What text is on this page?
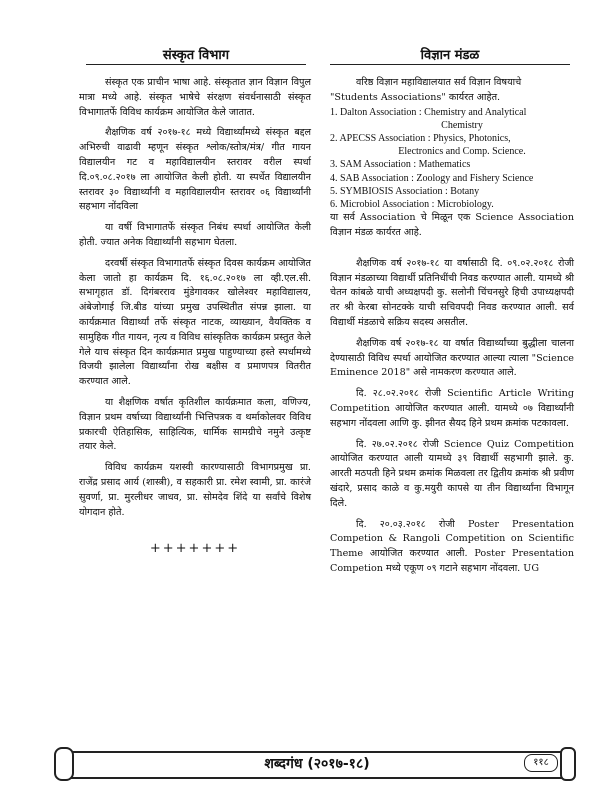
संस्कृत विभाग	विज्ञान मंडळ

संस्कृत एक प्राचीन भाषा आहे. संस्कृतात ज्ञान विज्ञान विपुल मात्रा मध्ये आहे. संस्कृत भाषेचे संरक्षण संवर्धनासाठी संस्कृत विभागातर्फे विविध कार्यक्रम आयोजित केले जातात.

शैक्षणिक वर्ष २०१७-१८ मध्ये विद्यार्थ्यांमध्ये संस्कृत बद्दल अभिरुची वाढावी म्हणून संस्कृत श्लोक/स्तोत्र/मंत्र/ गीत गायन विद्यालयीन गट व महाविद्यालयीन स्तरावर वरील स्पर्धा दि.०९.०८.२०१७ ला आयोजित केली होती. या स्पर्धेत विद्यालयीन स्तरावर ३० विद्यार्थ्यांनी व महाविद्यालयीन स्तरावर ०६ विद्यार्थ्यांनी सहभाग नोंदविला

या वर्षी विभागातर्फे संस्कृत निबंध स्पर्धा आयोजित केली होती. ज्यात अनेक विद्यार्थ्यांनी सहभाग घेतला.

दरवर्षी संस्कृत विभागातर्फे संस्कृत दिवस कार्यक्रम आयोजित केला जातो हा कार्यक्रम दि. १६.०८.२०१७ ला व्ही.एल.सी. सभागृहात डॉ. दिगंबरराव मुंडेगावकर खोलेश्वर महाविद्यालय, अंबेजोगाई जि.बीड यांच्या प्रमुख उपस्थितीत संपन्न झाला. या कार्यक्रमात विद्यार्थ्यां तर्फे संस्कृत नाटक, व्याख्यान, वैयक्तिक व सामुहिक गीत गायन, नृत्य व विविध सांस्कृतिक कार्यक्रम प्रस्तुत केले गेले याच संस्कृत दिन कार्यक्रमात प्रमुख पाहुण्याच्या हस्ते स्पर्धामध्ये विजयी झालेला विद्यार्थ्यांना रोख बक्षीस व प्रमाणपत्र वितरीत करण्यात आले.

या शैक्षणिक वर्षात कृतिशील कार्यक्रमात कला, वणिज्य, विज्ञान प्रथम वर्षाच्या विद्यार्थ्यांनी भित्तिपत्रक व थर्माकोलवर विविध प्रकारची ऐतिहासिक, साहित्यिक, धार्मिक सामग्रीचे नमुने उत्कृष्ट तयार केले.

विविध कार्यक्रम यशस्वी कारण्यासाठी विभागप्रमुख प्रा. राजेंद्र प्रसाद आर्य (शास्त्री), व सहकारी प्रा. रमेश स्वामी, प्रा. कारंजे सुवर्णा, प्रा. मुरलीधर जाधव, प्रा. सोमदेव शिंदे या सर्वांचे विशेष योगदान होते.

+++++++

वरिष्ठ विज्ञान महाविद्यालयात सर्व विज्ञान विषयाचे

"Students Associations" कार्यरत आहेत.

1. Dalton Association : Chemistry and Analytical
Chemistry
2. APECSS Association : Physics, Photonics,
Electronics and Comp. Science.
3. SAM Association : Mathematics
4. SAB Association : Zoology and Fishery Science
5. SYMBIOSIS Association : Botany
6. Microbiol Association : Microbiology.

या सर्व Association चे मिळून एक Science Association विज्ञान मंडळ कार्यरत आहे.

शैक्षणिक वर्ष २०१७-१८ या वर्षासाठी दि. ०९.०२.२०१८ रोजी विज्ञान मंडळाच्या विद्यार्थी प्रतिनिधींची निवड करण्यात आली. यामध्ये श्री चेतन कांबळे याची अध्यक्षपदी कु. सलोनी चिंचनसुरे हिची उपाध्यक्षपदी तर श्री केरबा सोनटक्के याची सचिवपदी निवड करण्यात आली. सर्व विद्यार्थी मंडळाचे सक्रिय सदस्य असतील.

शैक्षणिक वर्ष २०१७-१८ या वर्षात विद्यार्थ्यांच्या बुद्धीला चालना देण्यासाठी विविध स्पर्धा आयोजित करण्यात आल्या त्याला "Science Eminence 2018" असे नामकरण करण्यात आले.

दि. २८.०२.२०१८ रोजी Scientific Article Writing Competition आयोजित करण्यात आली. यामध्ये ०७ विद्यार्थ्यांनी सहभाग नोंदवला आणि कु. झीनत सैयद हिने प्रथम क्रमांक पटकावला.

दि. २७.०२.२०१८ रोजी Science Quiz Competition आयोजित करण्यात आली यामध्ये ३९ विद्यार्थी सहभागी झाले. कु. आरती मठपती हिने प्रथम क्रमांक मिळवला तर द्वितीय क्रमांक श्री प्रवीण खंदारे, प्रसाद काळे व कु.मयुरी कापसे या तीन विद्यार्थ्यांना विभागून दिले.

दि. २०.०३.२०१८ रोजी Poster Presentation Competion & Rangoli Competition on Scientific Theme आयोजित करण्यात आली. Poster Presentation Competion मध्ये एकूण ०९ गटाने सहभाग नोंदवला. UG

शब्दगंध (२०१७-१८)	११८
